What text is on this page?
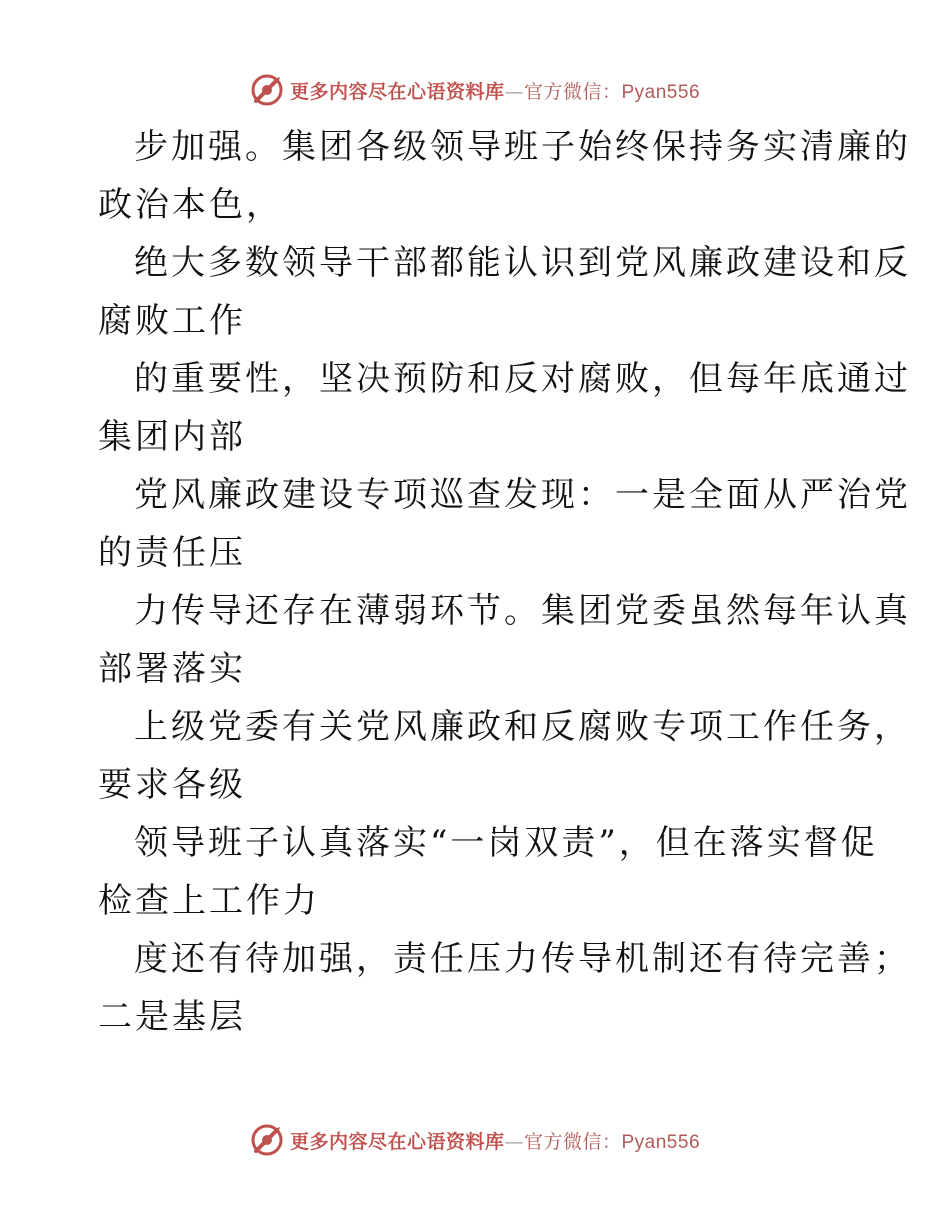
更多内容尽在心语资料库—官方微信：Pyan556
步加强。集团各级领导班子始终保持务实清廉的
政治本色，
绝大多数领导干部都能认识到党风廉政建设和反
腐败工作
的重要性，坚决预防和反对腐败，但每年底通过
集团内部
党风廉政建设专项巡查发现：一是全面从严治党
的责任压
力传导还存在薄弱环节。集团党委虽然每年认真
部署落实
上级党委有关党风廉政和反腐败专项工作任务，
要求各级
领导班子认真落实“一岗双责”，但在落实督促
检查上工作力
度还有待加强，责任压力传导机制还有待完善；
二是基层
更多内容尽在心语资料库—官方微信：Pyan556
